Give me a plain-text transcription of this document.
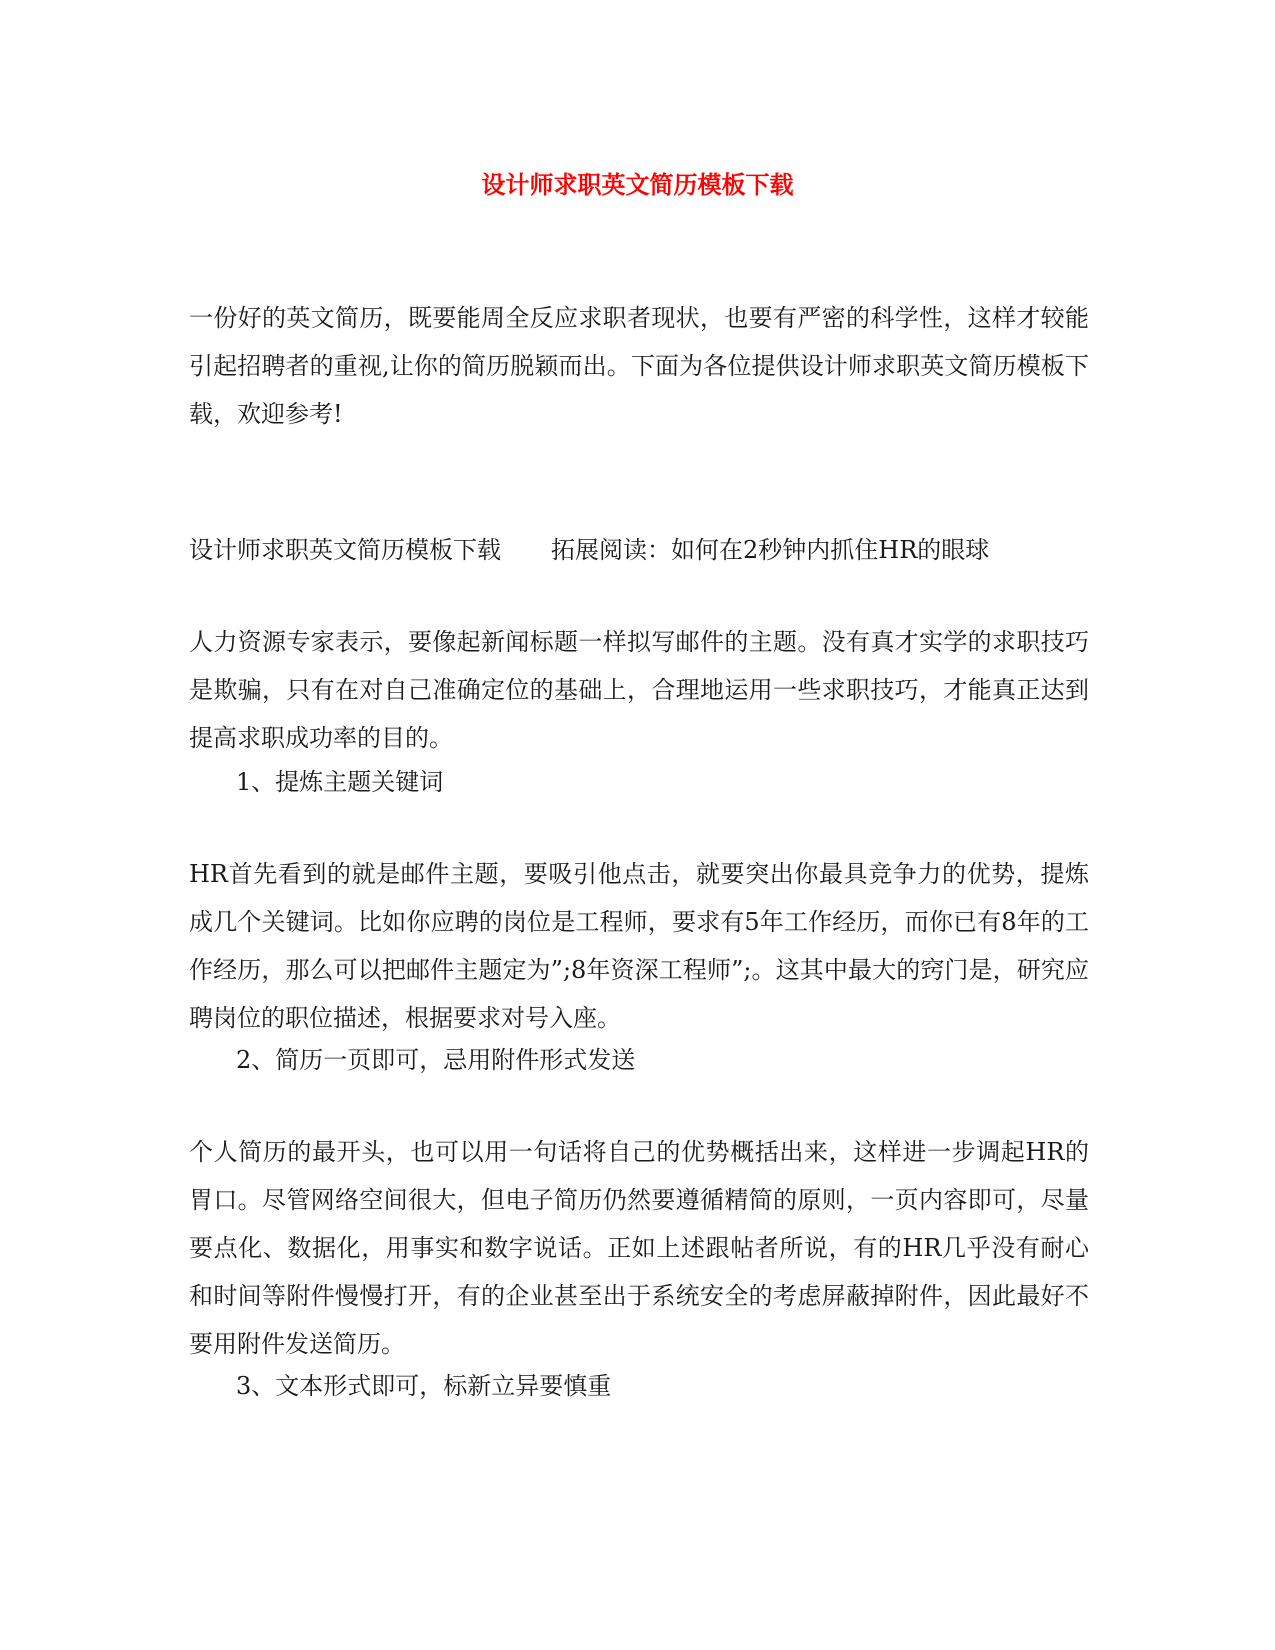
设计师求职英文简历模板下载

一份好的英文简历，既要能周全反应求职者现状，也要有严密的科学性，这样才较能引起招聘者的重视,让你的简历脱颖而出。下面为各位提供设计师求职英文简历模板下载，欢迎参考!

设计师求职英文简历模板下载 拓展阅读：如何在2秒钟内抓住HR的眼球

人力资源专家表示，要像起新闻标题一样拟写邮件的主题。没有真才实学的求职技巧是欺骗，只有在对自己准确定位的基础上，合理地运用一些求职技巧，才能真正达到提高求职成功率的目的。

1、提炼主题关键词

HR首先看到的就是邮件主题，要吸引他点击，就要突出你最具竞争力的优势，提炼成几个关键词。比如你应聘的岗位是工程师，要求有5年工作经历，而你已有8年的工作经历，那么可以把邮件主题定为”;8年资深工程师”;。这其中最大的窍门是，研究应聘岗位的职位描述，根据要求对号入座。

2、简历一页即可，忌用附件形式发送

个人简历的最开头，也可以用一句话将自己的优势概括出来，这样进一步调起HR的胃口。尽管网络空间很大，但电子简历仍然要遵循精简的原则，一页内容即可，尽量要点化、数据化，用事实和数字说话。正如上述跟帖者所说，有的HR几乎没有耐心和时间等附件慢慢打开，有的企业甚至出于系统安全的考虑屏蔽掉附件，因此最好不要用附件发送简历。

3、文本形式即可，标新立异要慎重
